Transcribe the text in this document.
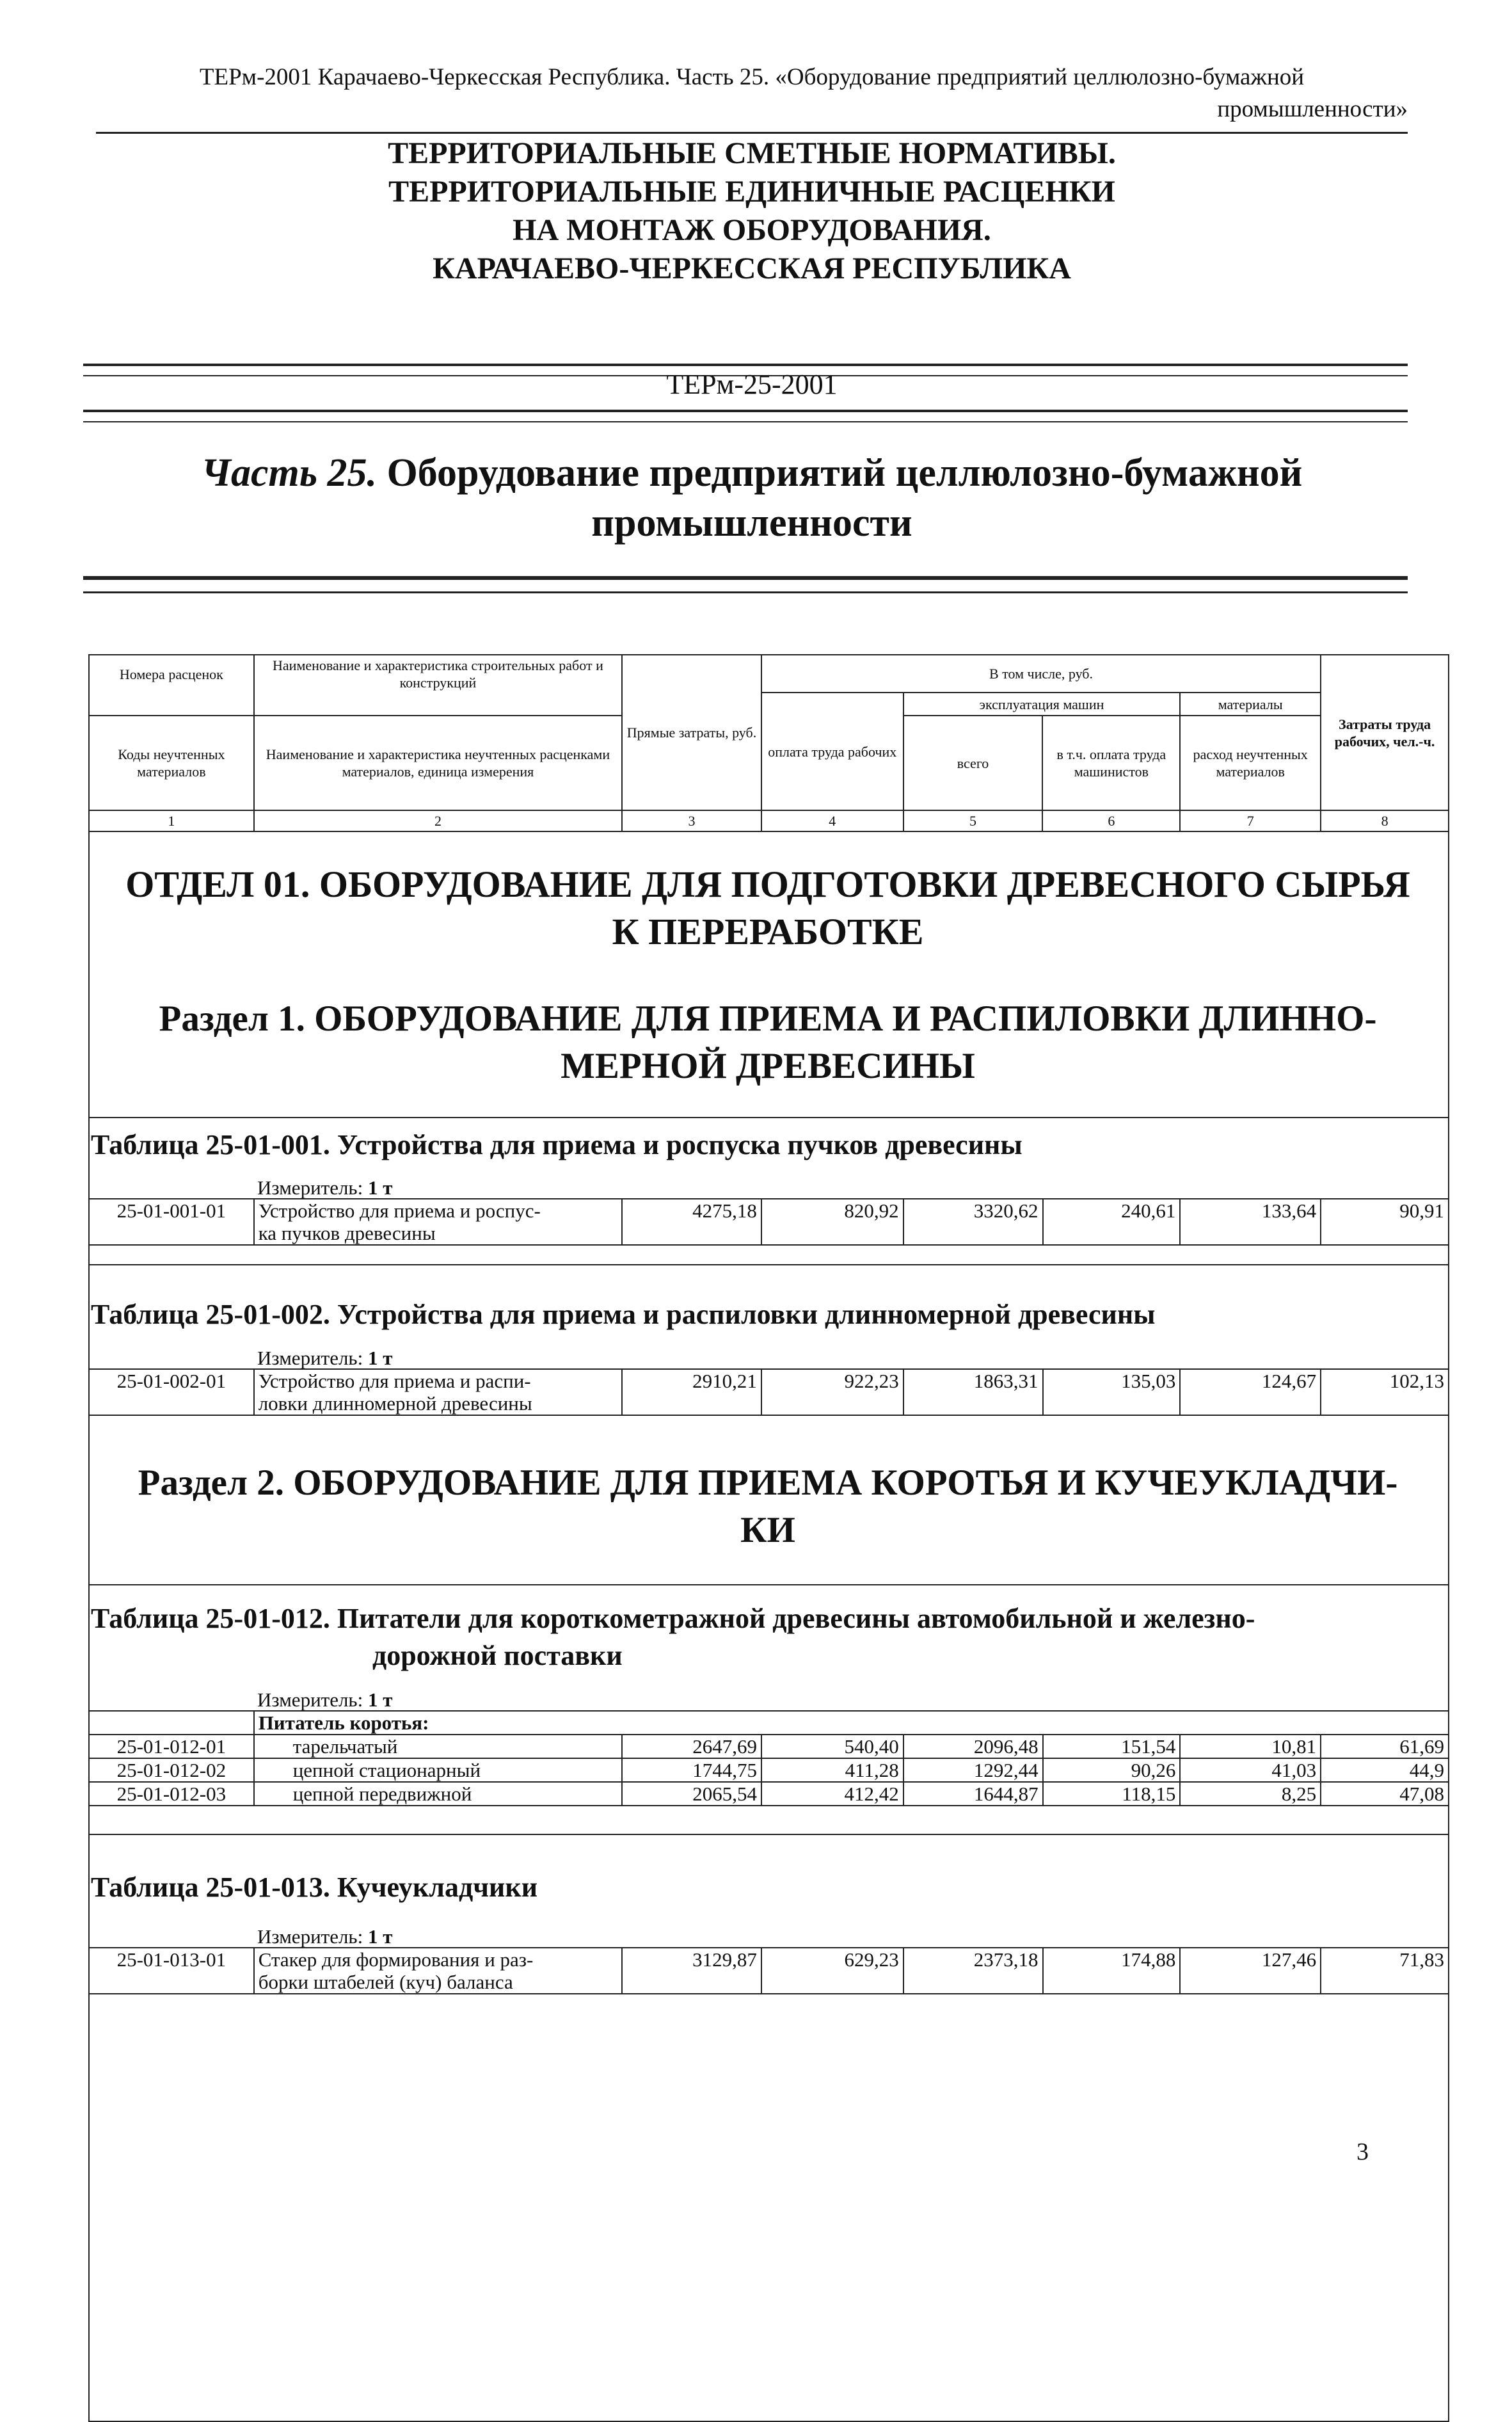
ТЕРм-2001 Карачаево-Черкесская Республика. Часть 25. «Оборудование предприятий целлюлозно-бумажной
промышленности»
ТЕРРИТОРИАЛЬНЫЕ СМЕТНЫЕ НОРМАТИВЫ.
ТЕРРИТОРИАЛЬНЫЕ ЕДИНИЧНЫЕ РАСЦЕНКИ
НА МОНТАЖ ОБОРУДОВАНИЯ.
КАРАЧАЕВО-ЧЕРКЕССКАЯ РЕСПУБЛИКА
ТЕРм-25-2001
Часть 25. Оборудование предприятий целлюлозно-бумажной
промышленности
Номера расценок	Наименование и характеристика строительных работ и конструкций	Прямые затраты, руб.	В том числе, руб.				Затраты труда рабочих, чел.-ч.
			оплата труда рабочих	эксплуатация машин		материалы	
Коды неучтенных материалов	Наименование и характеристика неучтенных расценками материалов, единица измерения			всего	в т.ч. оплата труда машинистов	расход неучтенных материалов	
1	2	3	4	5	6	7	8
ОТДЕЛ 01. ОБОРУДОВАНИЕ ДЛЯ ПОДГОТОВКИ ДРЕВЕСНОГО СЫРЬЯ
К ПЕРЕРАБОТКЕ
Раздел 1. ОБОРУДОВАНИЕ ДЛЯ ПРИЕМА И РАСПИЛОВКИ ДЛИННО-
МЕРНОЙ ДРЕВЕСИНЫ
Таблица 25-01-001. Устройства для приема и роспуска пучков древесины
Измеритель: 1 т
25-01-001-01	Устройство для приема и роспус-
ка пучков древесины
	4275,18	820,92	3320,62	240,61	133,64	90,91
Таблица 25-01-002. Устройства для приема и распиловки длинномерной древесины
Измеритель: 1 т
25-01-002-01	Устройство для приема и распи-
ловки длинномерной древесины
	2910,21	922,23	1863,31	135,03	124,67	102,13
Раздел 2. ОБОРУДОВАНИЕ ДЛЯ ПРИЕМА КОРОТЬЯ И КУЧЕУКЛАДЧИ-
КИ
Таблица 25-01-012. Питатели для короткометражной древесины автомобильной и железно-
дорожной поставки
Измеритель: 1 т
	Питатель коротья:						
25-01-012-01	тарельчатый	2647,69	540,40	2096,48	151,54	10,81	61,69
25-01-012-02	цепной стационарный	1744,75	411,28	1292,44	90,26	41,03	44,9
25-01-012-03	цепной передвижной	2065,54	412,42	1644,87	118,15	8,25	47,08
Таблица 25-01-013. Кучеукладчики
Измеритель: 1 т
25-01-013-01	Стакер для формирования и раз-
борки штабелей (куч) баланса
	3129,87	629,23	2373,18	174,88	127,46	71,83
3
